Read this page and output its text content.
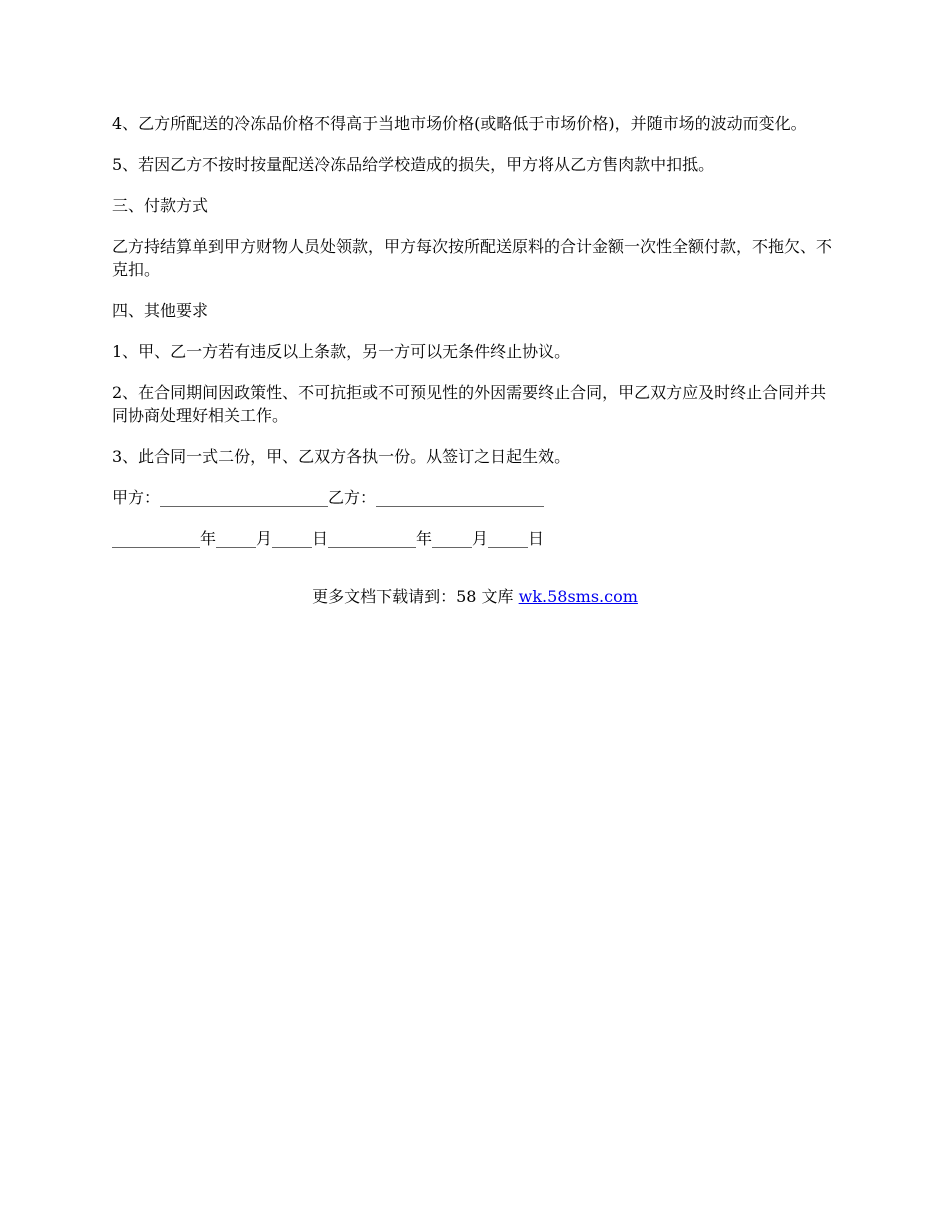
4、乙方所配送的冷冻品价格不得高于当地市场价格(或略低于市场价格)，并随市场的波动而变化。

5、若因乙方不按时按量配送冷冻品给学校造成的损失，甲方将从乙方售肉款中扣抵。

三、付款方式

乙方持结算单到甲方财物人员处领款，甲方每次按所配送原料的合计金额一次性全额付款，不拖欠、不克扣。

四、其他要求

1、甲、乙一方若有违反以上条款，另一方可以无条件终止协议。

2、在合同期间因政策性、不可抗拒或不可预见性的外因需要终止合同，甲乙双方应及时终止合同并共同协商处理好相关工作。

3、此合同一式二份，甲、乙双方各执一份。从签订之日起生效。

甲方：_____________________乙方：_____________________

___________年_____月_____日___________年_____月_____日

更多文档下载请到：58 文库 wk.58sms.com
